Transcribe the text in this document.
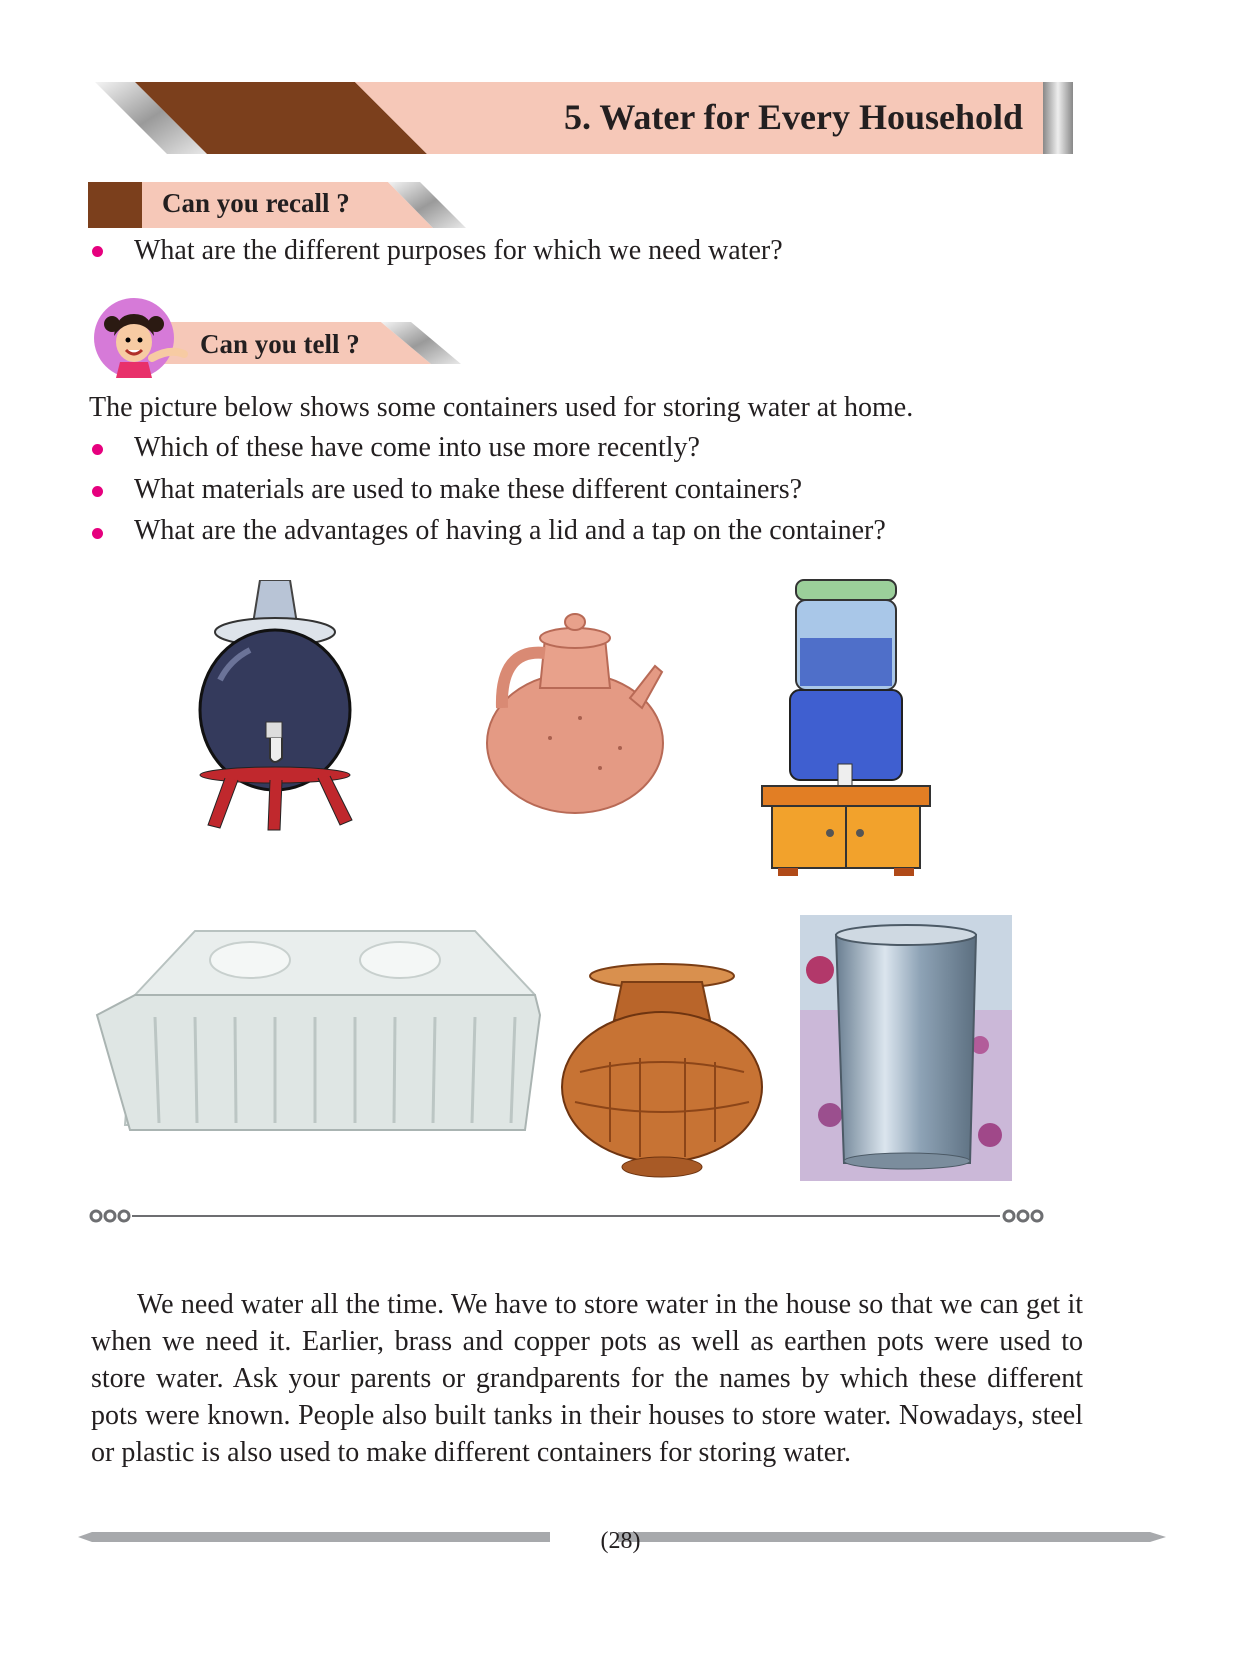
5. Water for Every Household
Can you recall ?
What are the different purposes for which we need water?
Can you tell ?
The picture below shows some containers used for storing water at home.
Which of these have come into use more recently?
What materials are used to make these different containers?
What are the advantages of having a lid and a tap on the container?

We need water all the time. We have to store water in the house so that we can get it when we need it. Earlier, brass and copper pots as well as earthen pots were used to store water. Ask your parents or grandparents for the names by which these different pots were known. People also built tanks in their houses to store water. Nowadays, steel or plastic is also used to make different containers for storing water.

(28)
